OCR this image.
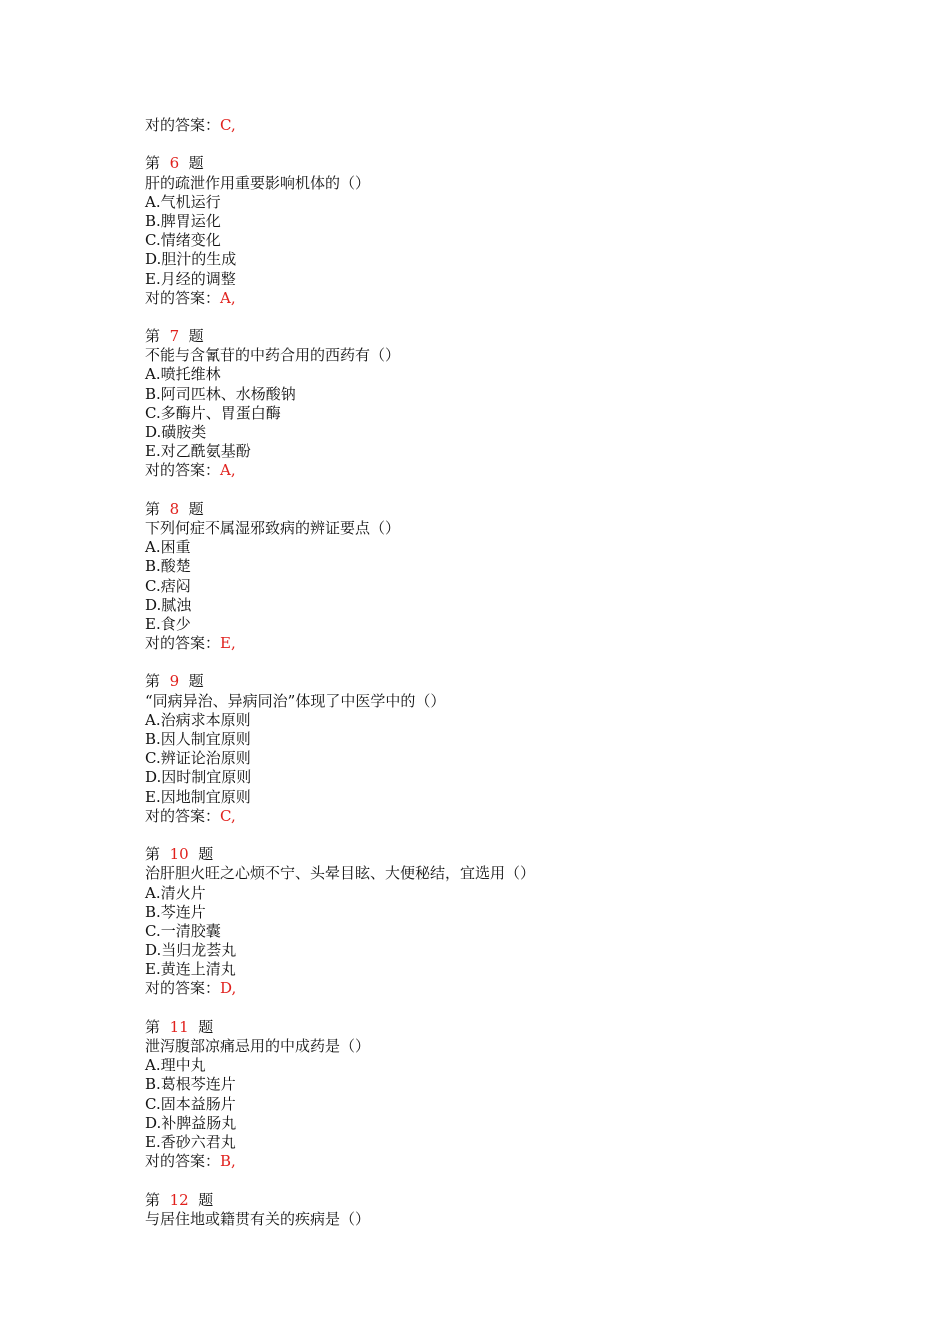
对的答案：C,
第 6 题
肝的疏泄作用重要影响机体的（）
A.气机运行
B.脾胃运化
C.情绪变化
D.胆汁的生成
E.月经的调整
对的答案：A,
第 7 题
不能与含氰苷的中药合用的西药有（）
A.喷托维林
B.阿司匹林、水杨酸钠
C.多酶片、胃蛋白酶
D.磺胺类
E.对乙酰氨基酚
对的答案：A,
第 8 题
下列何症不属湿邪致病的辨证要点（）
A.困重
B.酸楚
C.痞闷
D.腻浊
E.食少
对的答案：E,
第 9 题
“同病异治、异病同治”体现了中医学中的（）
A.治病求本原则
B.因人制宜原则
C.辨证论治原则
D.因时制宜原则
E.因地制宜原则
对的答案：C,
第 10 题
治肝胆火旺之心烦不宁、头晕目眩、大便秘结，宜选用（）
A.清火片
B.芩连片
C.一清胶囊
D.当归龙荟丸
E.黄连上清丸
对的答案：D,
第 11 题
泄泻腹部凉痛忌用的中成药是（）
A.理中丸
B.葛根芩连片
C.固本益肠片
D.补脾益肠丸
E.香砂六君丸
对的答案：B,
第 12 题
与居住地或籍贯有关的疾病是（）
